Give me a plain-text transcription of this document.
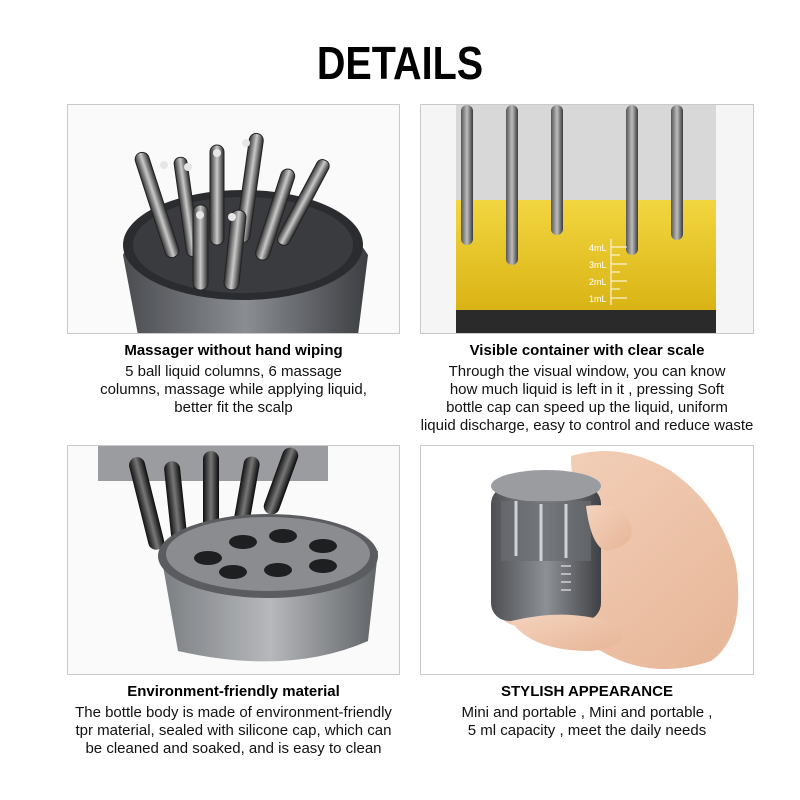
DETAILS
4mL
3mL
2mL
1mL
Massager without hand wiping
5 ball liquid columns, 6 massage
columns, massage while applying liquid,
better fit the scalp
Visible container with clear scale
Through the visual window, you can know
how much liquid is left in it , pressing Soft
bottle cap can speed up the liquid, uniform
liquid discharge, easy to control and reduce waste
Environment-friendly material
The bottle body is made of environment-friendly
tpr material, sealed with silicone cap, which can
be cleaned and soaked, and is easy to clean
STYLISH APPEARANCE
Mini and portable , Mini and portable ,
5 ml capacity , meet the daily needs
